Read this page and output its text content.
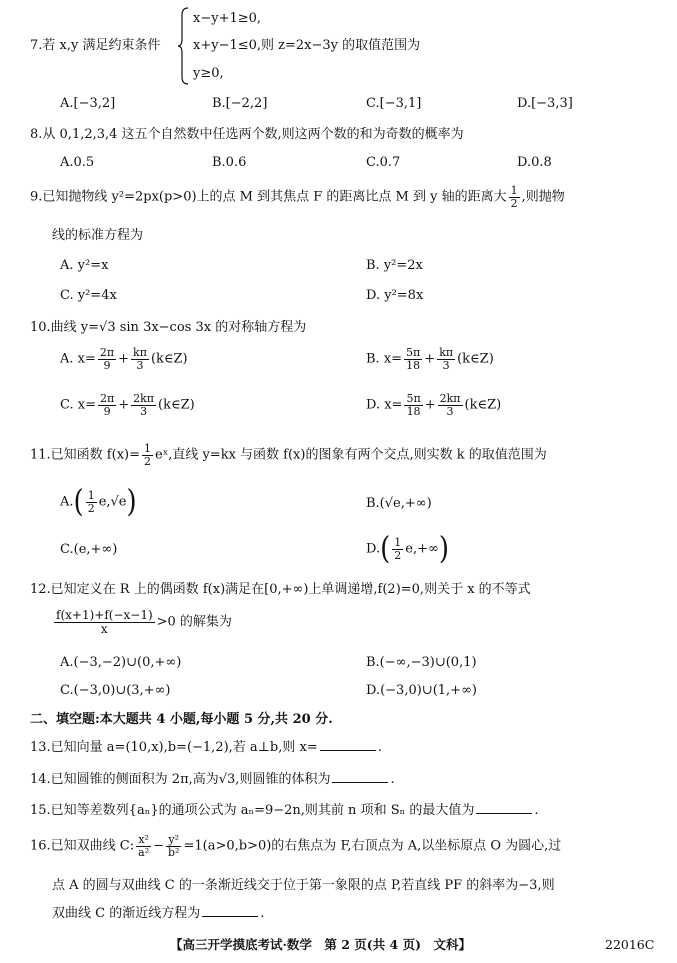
7.若 x,y 满足约束条件
x−y+1≥0,
x+y−1≤0,则 z=2x−3y 的取值范围为
y≥0,
A.[−3,2]	B.[−2,2]	C.[−3,1]	D.[−3,3]
8.从 0,1,2,3,4 这五个自然数中任选两个数,则这两个数的和为奇数的概率为
A.0.5	B.0.6	C.0.7	D.0.8
9.已知抛物线 y²=2px(p>0)上的点 M 到其焦点 F 的距离比点 M 到 y 轴的距离大 $\frac{1}{2}$ ,则抛物
线的标准方程为
A. y²=x	B. y²=2x
C. y²=4x	D. y²=8x
10.曲线 y=√3 sin 3x−cos 3x 的对称轴方程为
A. $x= \frac{2\pi}{9} + \frac{k\pi}{3}$ (k∈Z)	B. $x= \frac{5\pi}{18} + \frac{k\pi}{3}$ (k∈Z)
C. $x= \frac{2\pi}{9} + \frac{2k\pi}{3}$ (k∈Z)	D. $x= \frac{5\pi}{18} + \frac{2k\pi}{3}$ (k∈Z)
11.已知函数 $f(x)= \frac{1}{2}$ eˣ,直线 y=kx 与函数 f(x)的图象有两个交点,则实数 k 的取值范围为
$A.( \frac{1}{2} e,√e)$	B.(√e,+∞)
C.(e,+∞)	$D.( \frac{1}{2} e,+\infty)$
12.已知定义在 R 上的偶函数 f(x)满足在[0,+∞)上单调递增,f(2)=0,则关于 x 的不等式
$\frac{f(x+1)+f(-x-1)}{x} >0$ 的解集为
A.(−3,−2)∪(0,+∞)	B.(−∞,−3)∪(0,1)
C.(−3,0)∪(3,+∞)	D.(−3,0)∪(1,+∞)
二、填空题:本大题共 4 小题,每小题 5 分,共 20 分.
13.已知向量 a=(10,x),b=(−1,2),若 a⊥b,则 x=	.
14.已知圆锥的侧面积为 2π,高为√3,则圆锥的体积为	.
15.已知等差数列{aₙ}的通项公式为 aₙ=9−2n,则其前 n 项和 Sₙ 的最大值为	.
16.已知双曲线 C: $\frac{\text{x²}}{\text{a²}} - \frac{\text{y²}}{\text{b²}} =1(a>0,b>0)$的右焦点为 F,右顶点为 A,以坐标原点 O 为圆心,过
点 A 的圆与双曲线 C 的一条渐近线交于位于第一象限的点 P,若直线 PF 的斜率为−3,则
双曲线 C 的渐近线方程为	.
【高三开学摸底考试·数学　第 2 页(共 4 页)　文科】	22016C
